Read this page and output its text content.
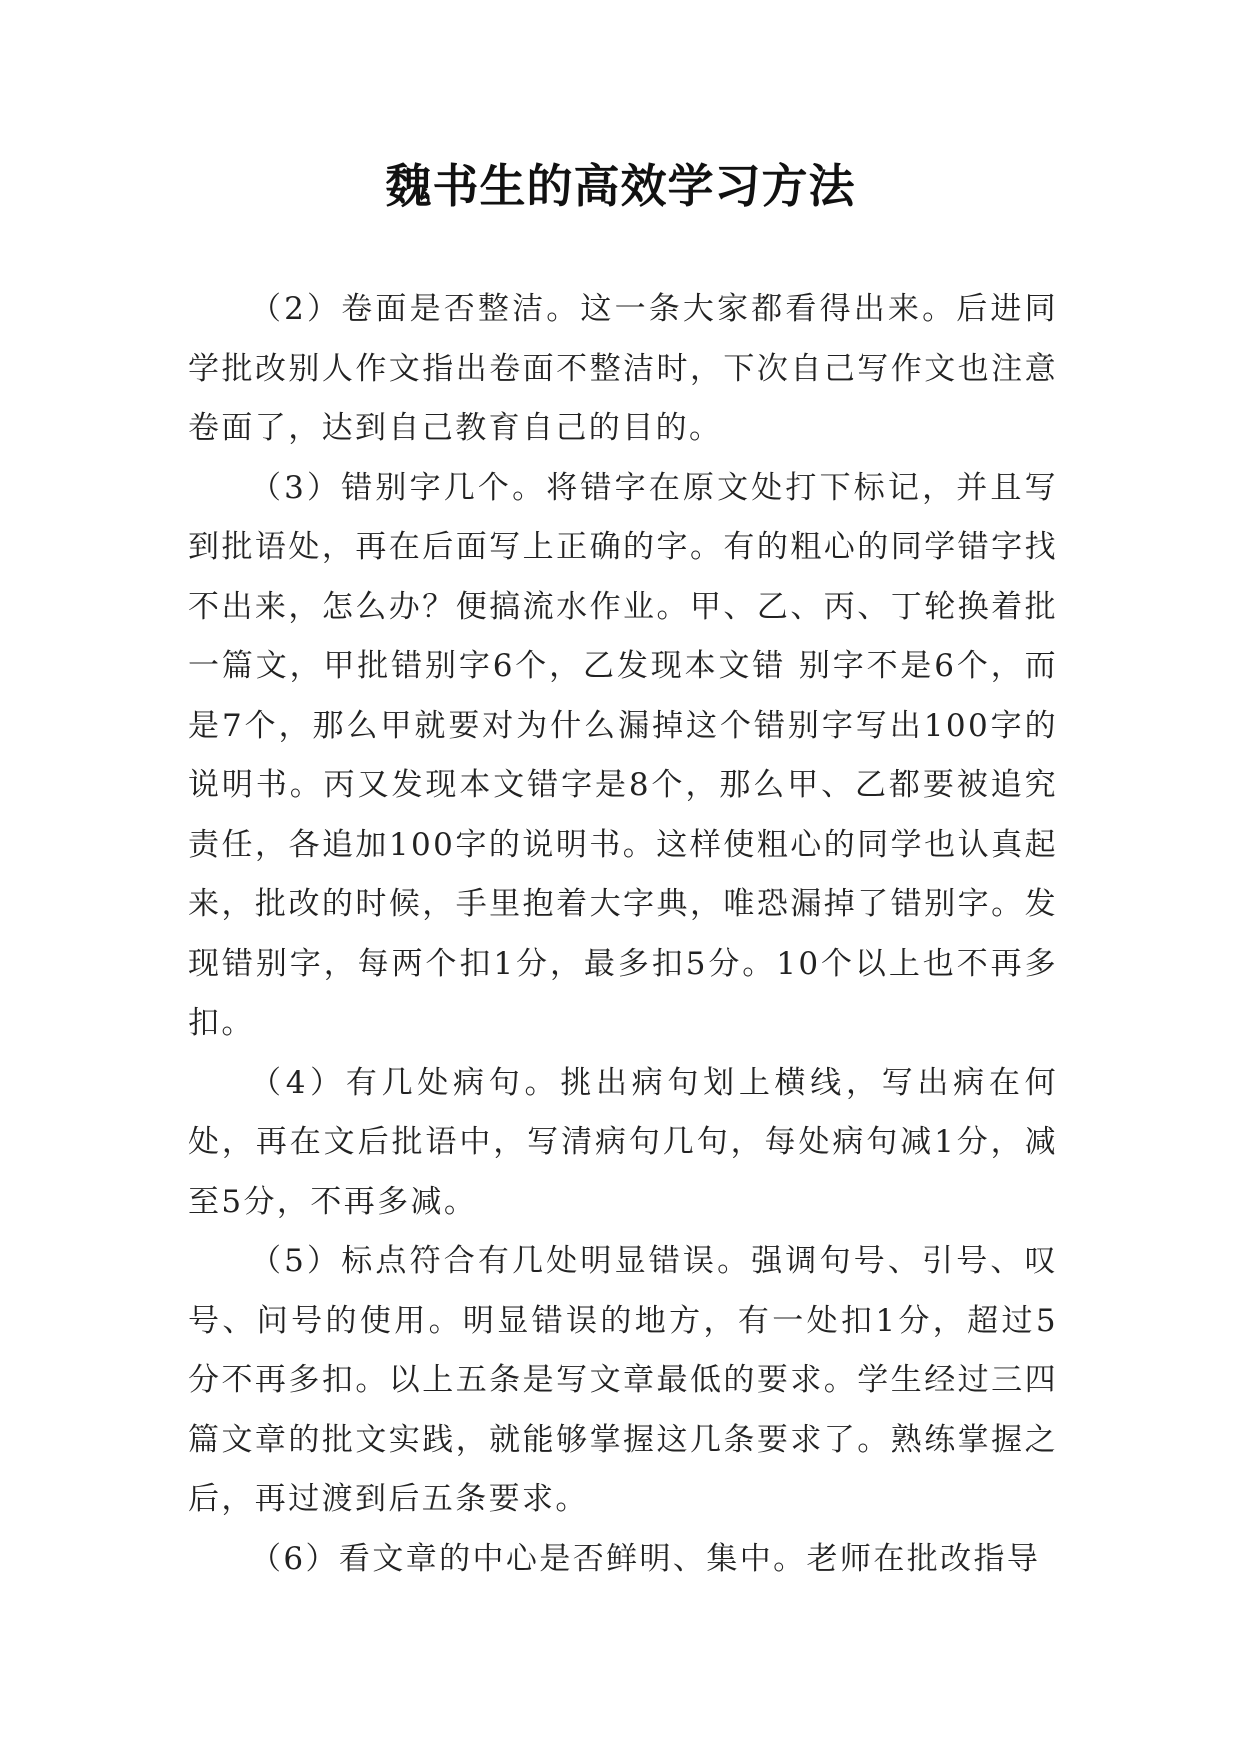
魏书生的高效学习方法

（2）卷面是否整洁。这一条大家都看得出来。后进同学批改别人作文指出卷面不整洁时，下次自己写作文也注意卷面了，达到自己教育自己的目的。

（3）错别字几个。将错字在原文处打下标记，并且写到批语处，再在后面写上正确的字。有的粗心的同学错字找不出来，怎么办？便搞流水作业。甲、乙、丙、丁轮换着批一篇文，甲批错别字6个，乙发现本文错 别字不是6个，而是7个，那么甲就要对为什么漏掉这个错别字写出100字的说明书。丙又发现本文错字是8个，那么甲、乙都要被追究责任，各追加100字的说明书。这样使粗心的同学也认真起来，批改的时候，手里抱着大字典，唯恐漏掉了错别字。发现错别字，每两个扣1分，最多扣5分。10个以上也不再多扣。

（4）有几处病句。挑出病句划上横线，写出病在何处，再在文后批语中，写清病句几句，每处病句减1分，减至5分，不再多减。

（5）标点符合有几处明显错误。强调句号、引号、叹号、问号的使用。明显错误的地方，有一处扣1分，超过5分不再多扣。以上五条是写文章最低的要求。学生经过三四篇文章的批文实践，就能够掌握这几条要求了。熟练掌握之后，再过渡到后五条要求。

（6）看文章的中心是否鲜明、集中。老师在批改指导
